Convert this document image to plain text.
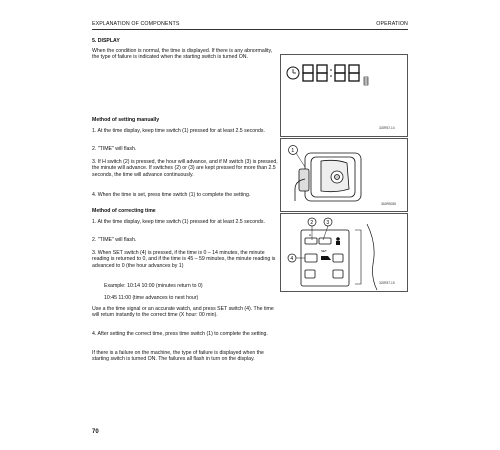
EXPLANATION OF COMPONENTS	OPERATION

5. DISPLAY

When the condition is normal, the time is displayed. If there is any abnormality, the type of failure is indicated when the starting switch is turned ON.

3J0R57-14

Method of setting manually

1. At the time display, keep time switch (1) pressed for at least 2.5 seconds.

2. "TIME" will flash.

3. If H switch (2) is pressed, the hour will advance, and if M switch (3) is pressed, the minute will advance. If switches (2) or (3) are kept pressed for more than 2.5 seconds, the time will advance continuously.

4. When the time is set, press time switch (1) to complete the setting.

1
3A0R5035

Method of correcting time

1. At the time display, keep time switch (1) pressed for at least 2.5 seconds.

2. "TIME" will flash.

3. When SET switch (4) is pressed, if the time is 0 – 14 minutes, the minute reading is returned to 0, and if the time is 45 – 59 minutes, the minute reading is advanced to 0 (the hour advances by 1)

Example: 10:14 10:00 (minutes return to 0)

10:45 11:00 (time advances to next hour)

Use a the time signal or an accurate watch, and press SET switch (4). The time will return instantly to the correct time (X hour: 00 min).

4. After setting the correct time, press time switch (1) to complete the setting.

If there is a failure on the machine, the type of failure is displayed when the starting switch is turned ON. The failures all flash in turn on the display.

2	3
4
H
SET
3J0R57-15
70
